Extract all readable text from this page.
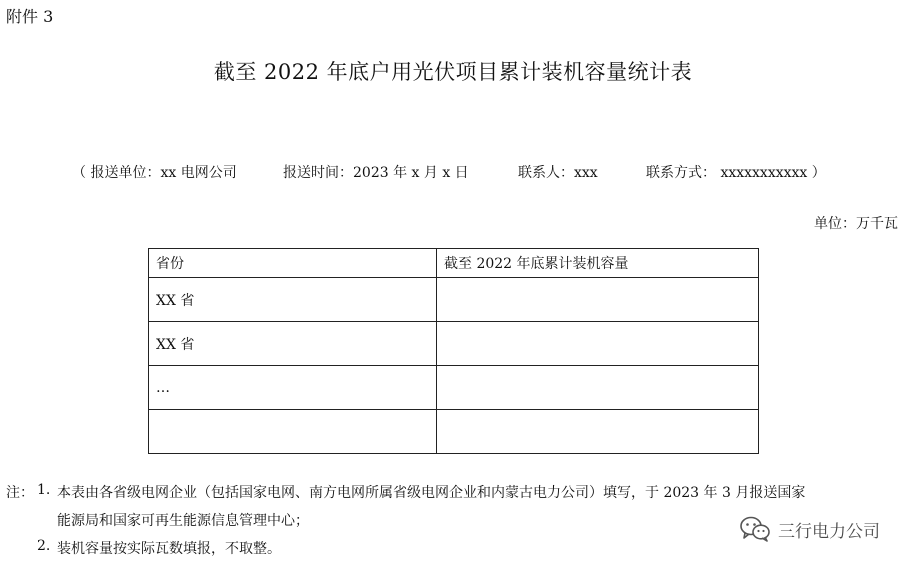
附件 3
截至 2022 年底户用光伏项目累计装机容量统计表
（ 报送单位：xx 电网公司	报送时间：2023 年 x 月 x 日	联系人：xxx	联系方式： xxxxxxxxxxx ）
单位：万千瓦
省份	截至 2022 年底累计装机容量
XX 省	
XX 省	
…	

注： 1. 本表由各省级电网企业（包括国家电网、南方电网所属省级电网企业和内蒙古电力公司）填写，于 2023 年 3 月报送国家
能源局和国家可再生能源信息管理中心；
2. 装机容量按实际瓦数填报，不取整。
三行电力公司
